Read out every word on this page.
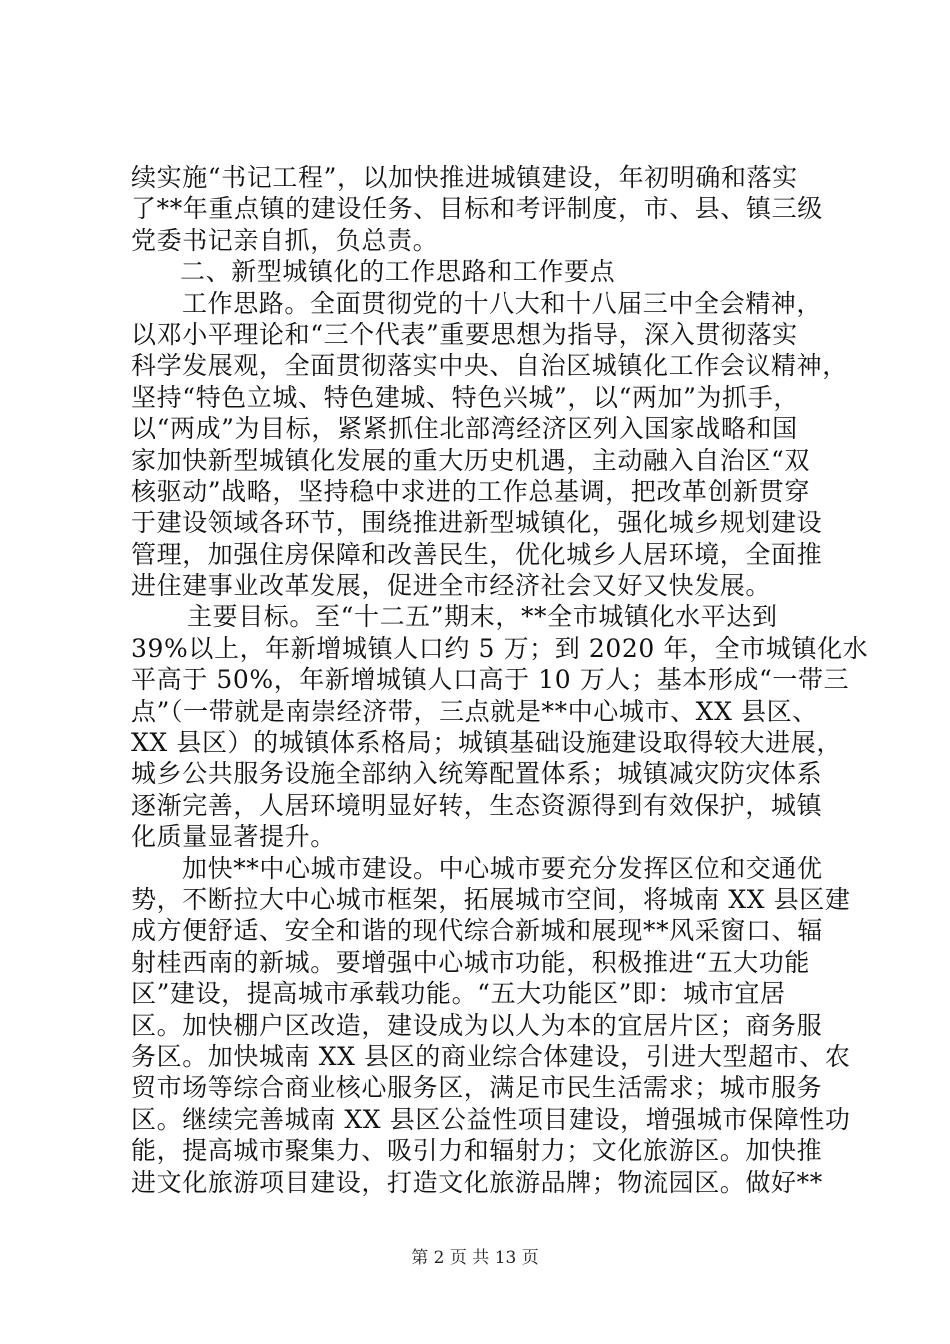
续实施“书记工程”，以加快推进城镇建设，年初明确和落实
了**年重点镇的建设任务、目标和考评制度，市、县、镇三级
党委书记亲自抓，负总责。
二、新型城镇化的工作思路和工作要点
工作思路。全面贯彻党的十八大和十八届三中全会精神，
以邓小平理论和“三个代表”重要思想为指导，深入贯彻落实
科学发展观，全面贯彻落实中央、自治区城镇化工作会议精神，
坚持“特色立城、特色建城、特色兴城”，以“两加”为抓手，
以“两成”为目标，紧紧抓住北部湾经济区列入国家战略和国
家加快新型城镇化发展的重大历史机遇，主动融入自治区“双
核驱动”战略，坚持稳中求进的工作总基调，把改革创新贯穿
于建设领域各环节，围绕推进新型城镇化，强化城乡规划建设
管理，加强住房保障和改善民生，优化城乡人居环境，全面推
进住建事业改革发展，促进全市经济社会又好又快发展。
主要目标。至“十二五”期末，**全市城镇化水平达到
39%以上，年新增城镇人口约 5 万；到 2020 年，全市城镇化水
平高于 50%，年新增城镇人口高于 10 万人；基本形成“一带三
点”（一带就是南崇经济带，三点就是**中心城市、XX 县区、
XX 县区）的城镇体系格局；城镇基础设施建设取得较大进展，
城乡公共服务设施全部纳入统筹配置体系；城镇减灾防灾体系
逐渐完善，人居环境明显好转，生态资源得到有效保护，城镇
化质量显著提升。
加快**中心城市建设。中心城市要充分发挥区位和交通优
势，不断拉大中心城市框架，拓展城市空间，将城南 XX 县区建
成方便舒适、安全和谐的现代综合新城和展现**风采窗口、辐
射桂西南的新城。要增强中心城市功能，积极推进“五大功能
区”建设，提高城市承载功能。“五大功能区”即：城市宜居
区。加快棚户区改造，建设成为以人为本的宜居片区；商务服
务区。加快城南 XX 县区的商业综合体建设，引进大型超市、农
贸市场等综合商业核心服务区，满足市民生活需求；城市服务
区。继续完善城南 XX 县区公益性项目建设，增强城市保障性功
能，提高城市聚集力、吸引力和辐射力；文化旅游区。加快推
进文化旅游项目建设，打造文化旅游品牌；物流园区。做好**
第 2 页 共 13 页
